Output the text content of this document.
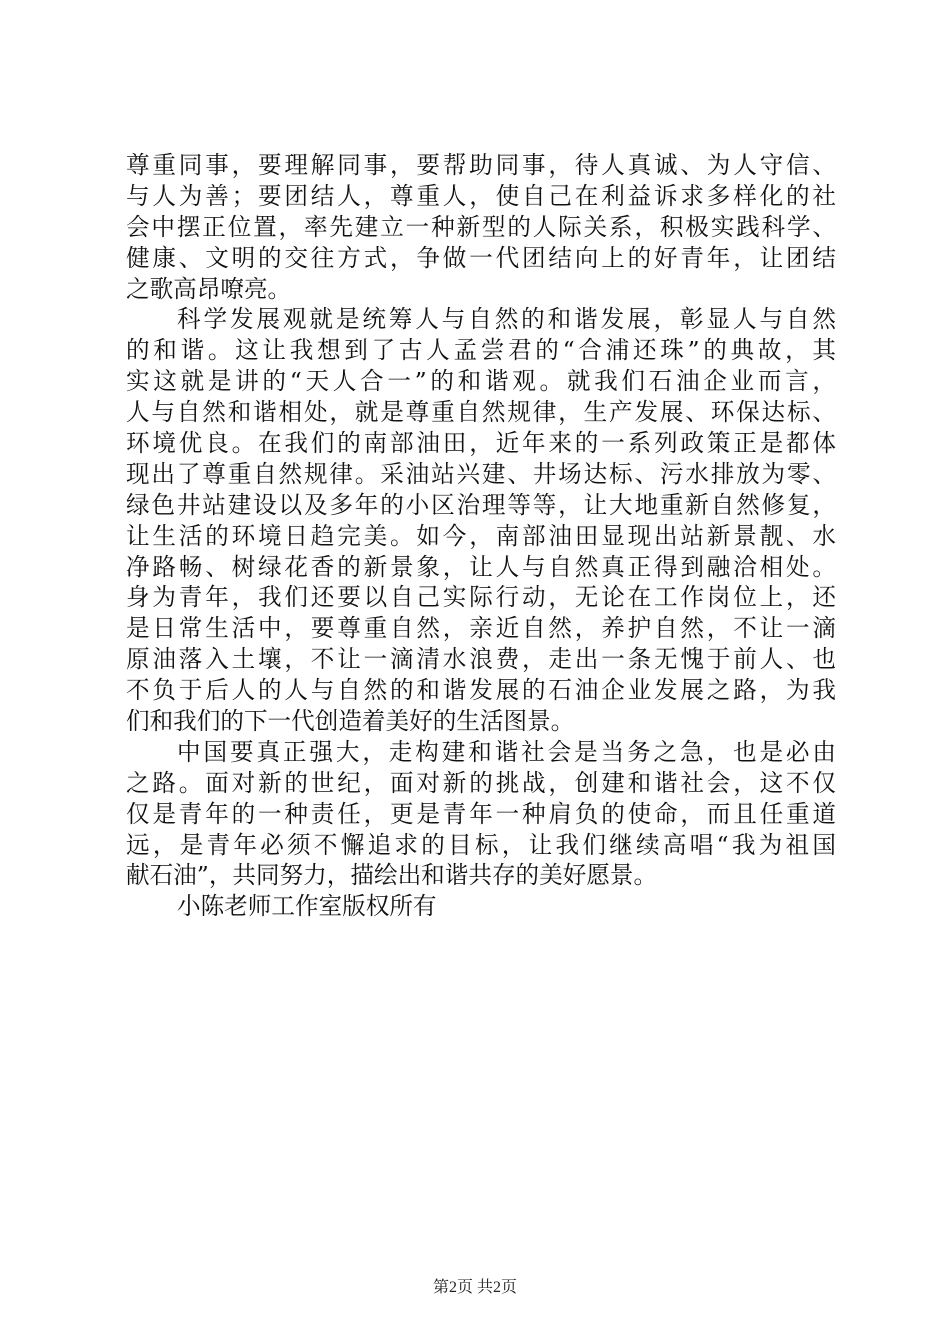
尊重同事，要理解同事，要帮助同事，待人真诚、为人守信、
与人为善；要团结人，尊重人，使自己在利益诉求多样化的社
会中摆正位置，率先建立一种新型的人际关系，积极实践科学、
健康、文明的交往方式，争做一代团结向上的好青年，让团结
之歌高昂嘹亮。
科学发展观就是统筹人与自然的和谐发展，彰显人与自然
的和谐。这让我想到了古人孟尝君的“合浦还珠”的典故，其
实这就是讲的“天人合一”的和谐观。就我们石油企业而言，
人与自然和谐相处，就是尊重自然规律，生产发展、环保达标、
环境优良。在我们的南部油田，近年来的一系列政策正是都体
现出了尊重自然规律。采油站兴建、井场达标、污水排放为零、
绿色井站建设以及多年的小区治理等等，让大地重新自然修复，
让生活的环境日趋完美。如今，南部油田显现出站新景靓、水
净路畅、树绿花香的新景象，让人与自然真正得到融洽相处。
身为青年，我们还要以自己实际行动，无论在工作岗位上，还
是日常生活中，要尊重自然，亲近自然，养护自然，不让一滴
原油落入土壤，不让一滴清水浪费，走出一条无愧于前人、也
不负于后人的人与自然的和谐发展的石油企业发展之路，为我
们和我们的下一代创造着美好的生活图景。
中国要真正强大，走构建和谐社会是当务之急，也是必由
之路。面对新的世纪，面对新的挑战，创建和谐社会，这不仅
仅是青年的一种责任，更是青年一种肩负的使命，而且任重道
远，是青年必须不懈追求的目标，让我们继续高唱“我为祖国
献石油”，共同努力，描绘出和谐共存的美好愿景。
小陈老师工作室版权所有
第2页 共2页
